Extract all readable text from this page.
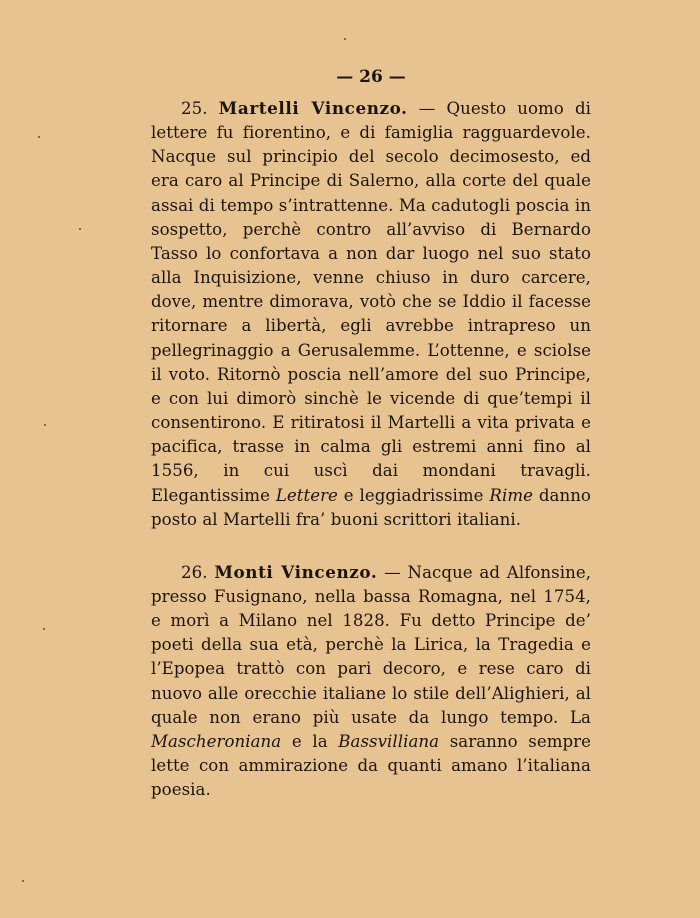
— 26 —

25. Martelli Vincenzo. — Questo uomo di lettere fu fiorentino, e di famiglia ragguardevole. Nacque sul principio del secolo decimosesto, ed era caro al Principe di Salerno, alla corte del quale assai di tempo s’intrattenne. Ma cadutogli poscia in sospetto, perchè contro all’avviso di Bernardo Tasso lo confortava a non dar luogo nel suo stato alla Inquisizione, venne chiuso in duro carcere, dove, mentre dimorava, votò che se Iddio il facesse ritornare a libertà, egli avrebbe intrapreso un pellegrinaggio a Gerusalemme. L’ottenne, e sciolse il voto. Ritornò poscia nell’amore del suo Principe, e con lui dimorò sinchè le vicende di que’tempi il consentirono. E ritiratosi il Martelli a vita privata e pacifica, trasse in calma gli estremi anni fino al 1556, in cui uscì dai mondani travagli. Elegantissime Lettere e leggiadrissime Rime danno posto al Martelli fra’ buoni scrittori italiani.

26. Monti Vincenzo. — Nacque ad Alfonsine, presso Fusignano, nella bassa Romagna, nel 1754, e morì a Milano nel 1828. Fu detto Principe de’ poeti della sua età, perchè la Lirica, la Tragedia e l’Epopea trattò con pari decoro, e rese caro di nuovo alle orecchie italiane lo stile dell’Alighieri, al quale non erano più usate da lungo tempo. La Mascheroniana e la Bassvilliana saranno sempre lette con ammirazione da quanti amano l’italiana poesia.
